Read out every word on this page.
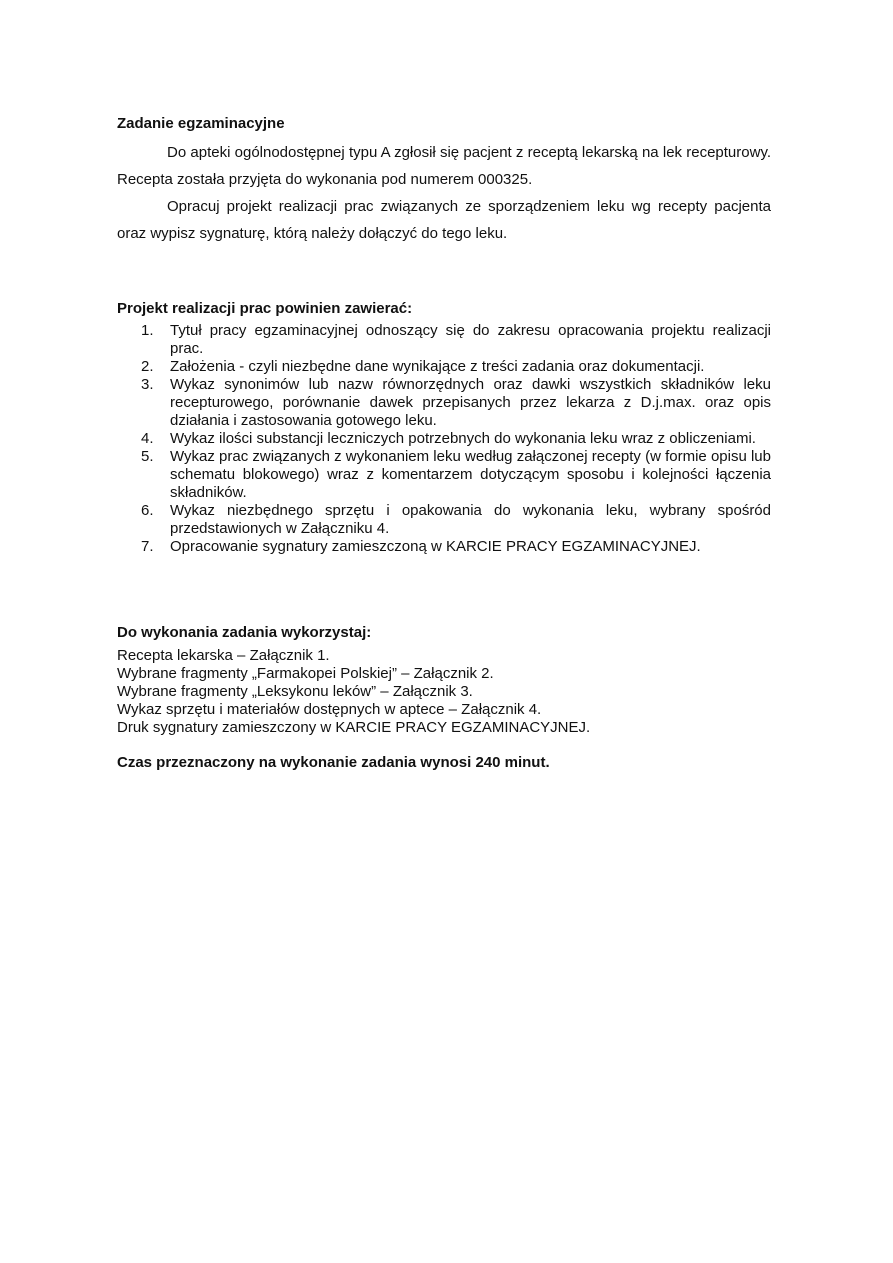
Zadanie egzaminacyjne

Do apteki ogólnodostępnej typu A zgłosił się pacjent z receptą lekarską na lek recepturowy. Recepta została przyjęta do wykonania pod numerem 000325.

Opracuj projekt realizacji prac związanych ze sporządzeniem leku wg recepty pacjenta oraz wypisz sygnaturę, którą należy dołączyć do tego leku.

Projekt realizacji prac powinien zawierać:

1. Tytuł pracy egzaminacyjnej odnoszący się do zakresu opracowania projektu realizacji prac.
2. Założenia - czyli niezbędne dane wynikające z treści zadania oraz dokumentacji.
3. Wykaz synonimów lub nazw równorzędnych oraz dawki wszystkich składników leku recepturowego, porównanie dawek przepisanych przez lekarza z D.j.max. oraz opis działania i zastosowania gotowego leku.
4. Wykaz ilości substancji leczniczych potrzebnych do wykonania leku wraz z obliczeniami.
5. Wykaz prac związanych z wykonaniem leku według załączonej recepty (w formie opisu lub schematu blokowego) wraz z komentarzem dotyczącym sposobu i kolejności łączenia składników.
6. Wykaz niezbędnego sprzętu i opakowania do wykonania leku, wybrany spośród przedstawionych w Załączniku 4.
7. Opracowanie sygnatury zamieszczoną w KARCIE PRACY EGZAMINACYJNEJ.

Do wykonania zadania wykorzystaj:

Recepta lekarska – Załącznik 1.
Wybrane fragmenty „Farmakopei Polskiej” – Załącznik 2.
Wybrane fragmenty „Leksykonu leków” – Załącznik 3.
Wykaz sprzętu i materiałów dostępnych w aptece – Załącznik 4.
Druk sygnatury zamieszczony w KARCIE PRACY EGZAMINACYJNEJ.

Czas przeznaczony na wykonanie zadania wynosi 240 minut.
